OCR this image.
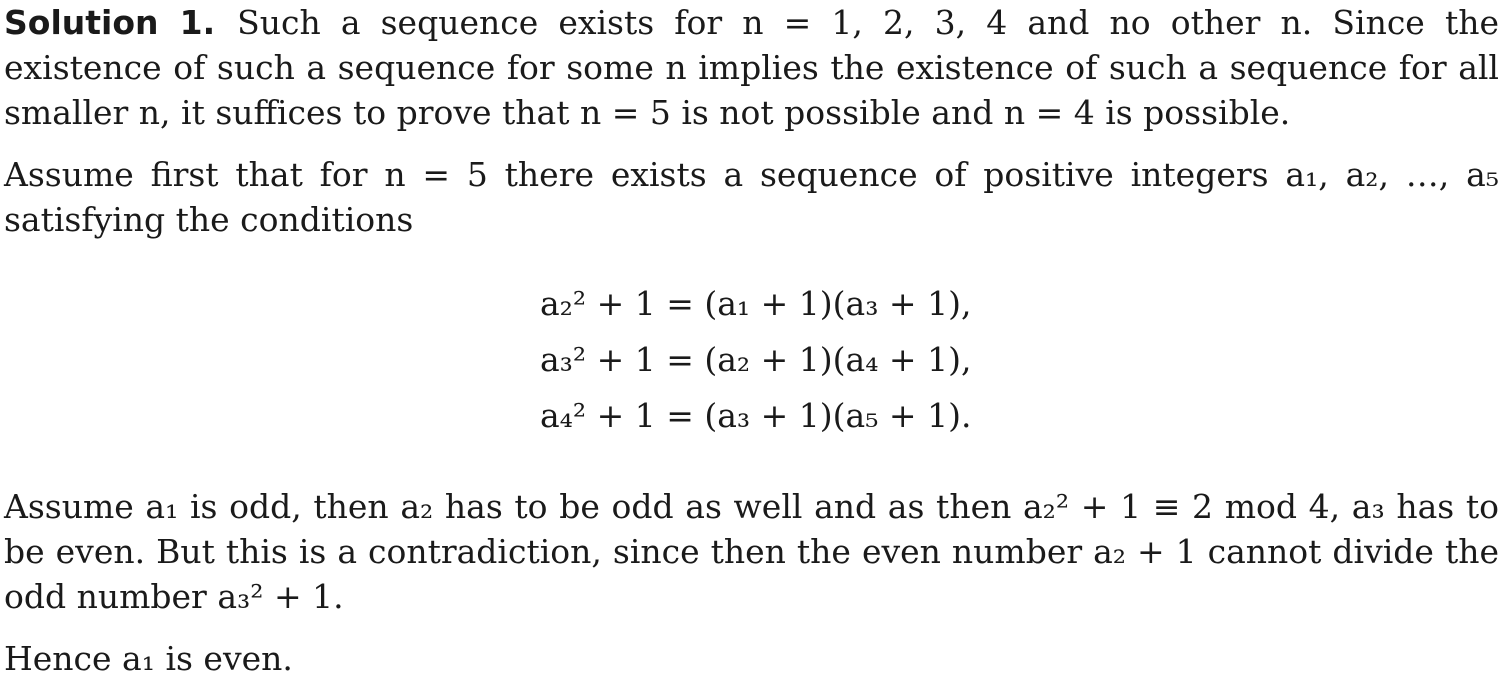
Solution 1. Such a sequence exists for n = 1, 2, 3, 4 and no other n. Since the existence of such a sequence for some n implies the existence of such a sequence for all smaller n, it suffices to prove that n = 5 is not possible and n = 4 is possible.
Assume first that for n = 5 there exists a sequence of positive integers a₁, a₂, …, a₅ satisfying the conditions
a₂² + 1 = (a₁ + 1)(a₃ + 1),
a₃² + 1 = (a₂ + 1)(a₄ + 1),
a₄² + 1 = (a₃ + 1)(a₅ + 1).
Assume a₁ is odd, then a₂ has to be odd as well and as then a₂² + 1 ≡ 2 mod 4, a₃ has to be even. But this is a contradiction, since then the even number a₂ + 1 cannot divide the odd number a₃² + 1.
Hence a₁ is even.
